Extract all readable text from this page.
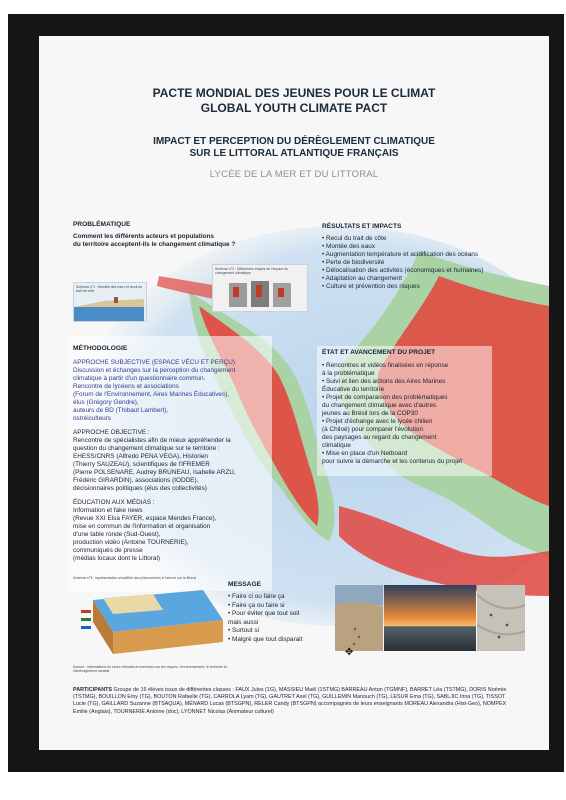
PACTE MONDIAL DES JEUNES POUR LE CLIMAT
GLOBAL YOUTH CLIMATE PACT
IMPACT ET PERCEPTION DU DÉRÈGLEMENT CLIMATIQUE
SUR LE LITTORAL ATLANTIQUE FRANÇAIS
LYCÉE DE LA MER ET DU LITTORAL
PROBLÉMATIQUE
Comment les différents acteurs et populations
du territoire acceptent-ils le changement climatique ?
RÉSULTATS ET IMPACTS
• Recul du trait de côte
• Montée des eaux
• Augmentation température et acidification des océans
• Perte de biodiversité
• Délocalisation des activités (économiques et humaines)
• Adaptation au changement
• Culture et prévention des risques
Schéma n°1 : Montée des eaux et recul du trait de côte
Schéma n°2 : Différentes étapes de l'impact du changement climatique
MÉTHODOLOGIE
APPROCHE SUBJECTIVE (ESPACE VÉCU ET PERÇU)
Discussion et échanges sur la perception du changement
climatique à partir d'un questionnaire commun.
Rencontre de lycéens et associations
(Forum de l'Environnement, Aires Marines Éducatives),
élus (Grégory Gendre),
auteurs de BD (Thibaut Lambert),
ostréiculteurs
APPROCHE OBJECTIVE :
Rencontre de spécialistes afin de mieux appréhender la
question du changement climatique sur le territoire :
EHESS/CNRS (Alfredo PENA VEGA), Historien
(Thierry SAUZEAU), scientifiques de l'IFREMER
(Pierre POLSENARE, Audrey BRUNEAU, Isabelle ARZU,
Frédéric GIRARDIN), associations (IODDE),
décisionnaires politiques (élus des collectivités)
ÉDUCATION AUX MÉDIAS :
Information et fake news
(Revue XXI Elsa FAYER, espace Mendes France),
mise en commun de l'information et organisation
d'une table ronde (Sud-Ouest),
production vidéo (Antoine TOURNERIE),
communiqués de presse
(médias locaux dont le Littoral)
ÉTAT ET AVANCEMENT DU PROJET
• Rencontres et vidéos finalisées en réponse
à la problématique
• Suivi et lien des actions des Aires Marines
Éducative du territoire
• Projet de comparaison des problématiques
du changement climatique avec d'autres
jeunes au Brésil lors de la COP30
• Projet d'échange avec le lycée chilien
(à Chiloé) pour comparer l'évolution
des paysages au regard du changement
climatique
• Mise en place d'un Netboard
pour suivre la démarche et les contenus du projet
Schéma n°3 : représentation simplifiée des phénomènes à l'œuvre sur le littoral
Source : informations du cours d'études et exercices sur les risques, l'environnement, le territoire et l'aménagement durable
MESSAGE
• Faire ci ou faire ça
• Faire ça ou faire si
• Pour éviter que tout soit
mais aussi
• Surtout si
• Malgré que tout disparait
PARTICIPANTS Groupe de 16 élèves issus de différentes classes : FAUX Jules (1G), MASSIEU Maël (1STMG) BARREAU Anton (TGMNF), BARRET Léa (TSTMG), DORIS Noémie (TSTMG), BOUILLON Emy (TG), BOUTON Rafaelle (TG), CARROLA Lyam (TG), GAUTRET Axel (TG), GUILLEMIN Manouch (TG), LESUR Ema (TG), SABLJIC Irina (TG), TISSOT Lucie (TG), GAILLARD Suzanne (BTSAQUA), MÉNARD Lucas (BTSGPN), RELER Candy (BTSGPN) accompagnés de leurs enseignants MOREAU Alexandra (Hist-Geo), NOMPEX Emilie (Anglais), TOURNERIE Antoine (doc), LYONNET Nicolas (Animateur culturel)
✥
